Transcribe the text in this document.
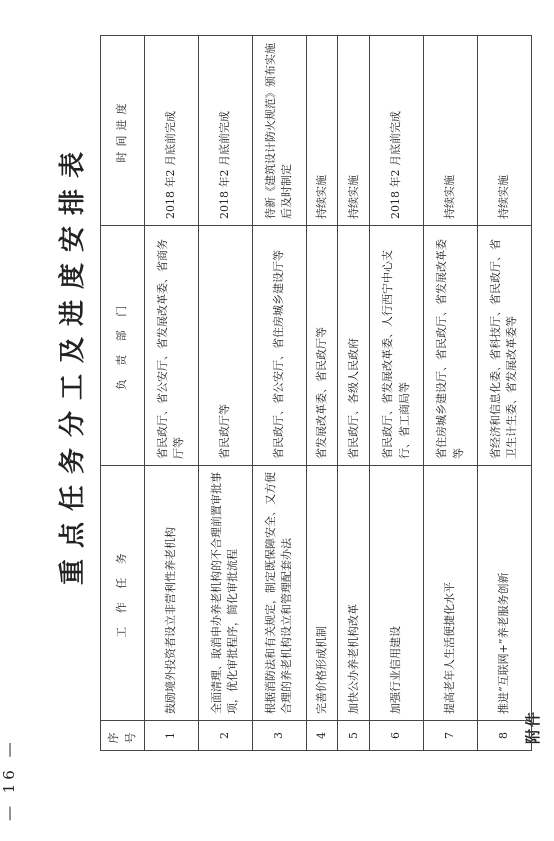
— 16 —
附件
重点任务分工及进度安排表
序号	工 作 任 务	负 责 部 门	时间进度
1	鼓励境外投资者设立非营利性养老机构	省民政厅、省公安厅、省发展改革委、省商务厅等	2018 年2 月底前完成
2	全面清理、取消申办养老机构的不合理前置审批事项，优化审批程序，简化审批流程	省民政厅等	2018 年2 月底前完成
3	根据消防法和有关规定，制定既保障安全、又方便合理的养老机构设立和管理配套办法	省民政厅、省公安厅、省住房城乡建设厅等	待新《建筑设计防火规范》颁布实施后及时制定
4	完善价格形成机制	省发展改革委、省民政厅等	持续实施
5	加快公办养老机构改革	省民政厅、各级人民政府	持续实施
6	加强行业信用建设	省民政厅、省发展改革委、人行西宁中心支行、省工商局等	2018 年2 月底前完成
7	提高老年人生活便捷化水平	省住房城乡建设厅、省民政厅、省发展改革委等	持续实施
8	推进“互联网+”养老服务创新	省经济和信息化委、省科技厅、省民政厅、省卫生计生委、省发展改革委等	持续实施
